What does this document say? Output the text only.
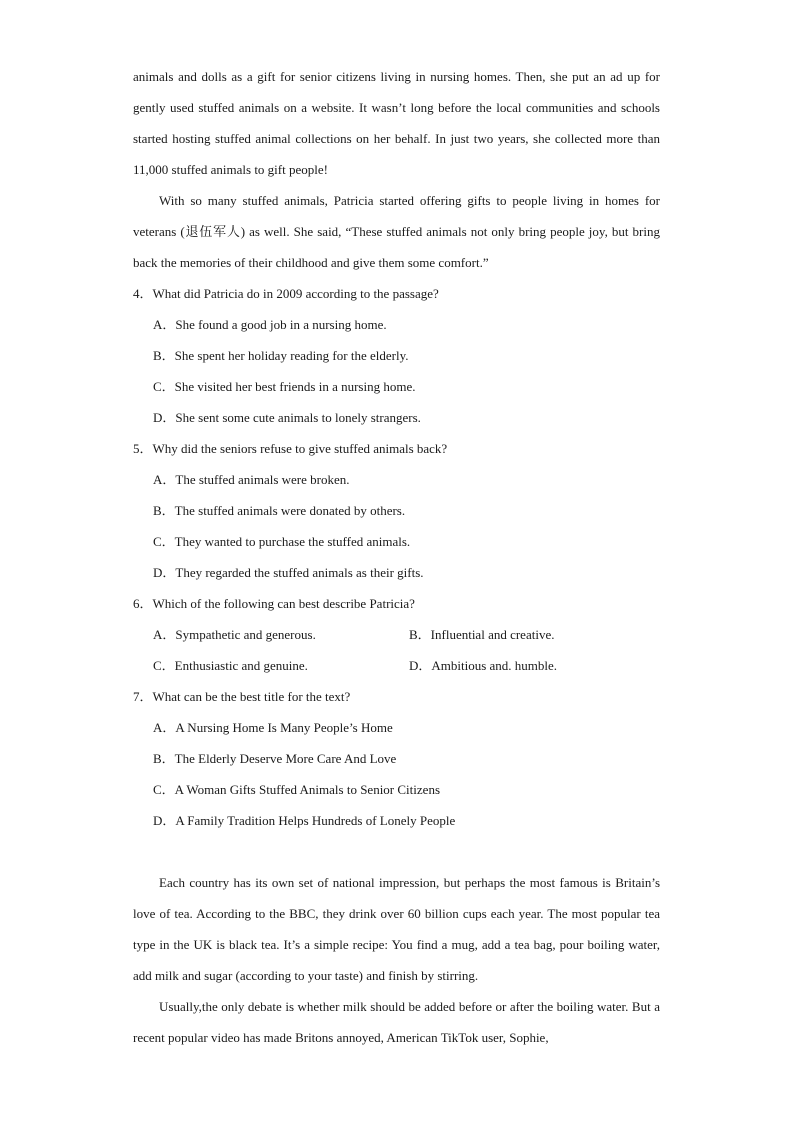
animals and dolls as a gift for senior citizens living in nursing homes. Then, she put an ad up for gently used stuffed animals on a website. It wasn’t long before the local communities and schools started hosting stuffed animal collections on her behalf. In just two years, she collected more than 11,000 stuffed animals to gift people!

With so many stuffed animals, Patricia started offering gifts to people living in homes for veterans (退伍军人) as well. She said, “These stuffed animals not only bring people joy, but bring back the memories of their childhood and give them some comfort.”

4．What did Patricia do in 2009 according to the passage?

A．She found a good job in a nursing home.
B．She spent her holiday reading for the elderly.
C．She visited her best friends in a nursing home.
D．She sent some cute animals to lonely strangers.

5．Why did the seniors refuse to give stuffed animals back?

A．The stuffed animals were broken.
B．The stuffed animals were donated by others.
C．They wanted to purchase the stuffed animals.
D．They regarded the stuffed animals as their gifts.

6．Which of the following can best describe Patricia?

A．Sympathetic and generous.	B．Influential and creative.
C．Enthusiastic and genuine.	D．Ambitious and. humble.

7．What can be the best title for the text?

A．A Nursing Home Is Many People’s Home
B．The Elderly Deserve More Care And Love
C．A Woman Gifts Stuffed Animals to Senior Citizens
D．A Family Tradition Helps Hundreds of Lonely People

Each country has its own set of national impression, but perhaps the most famous is Britain’s love of tea. According to the BBC, they drink over 60 billion cups each year. The most popular tea type in the UK is black tea. It’s a simple recipe: You find a mug, add a tea bag, pour boiling water, add milk and sugar (according to your taste) and finish by stirring.

Usually,the only debate is whether milk should be added before or after the boiling water. But a recent popular video has made Britons annoyed, American TikTok user, Sophie,
